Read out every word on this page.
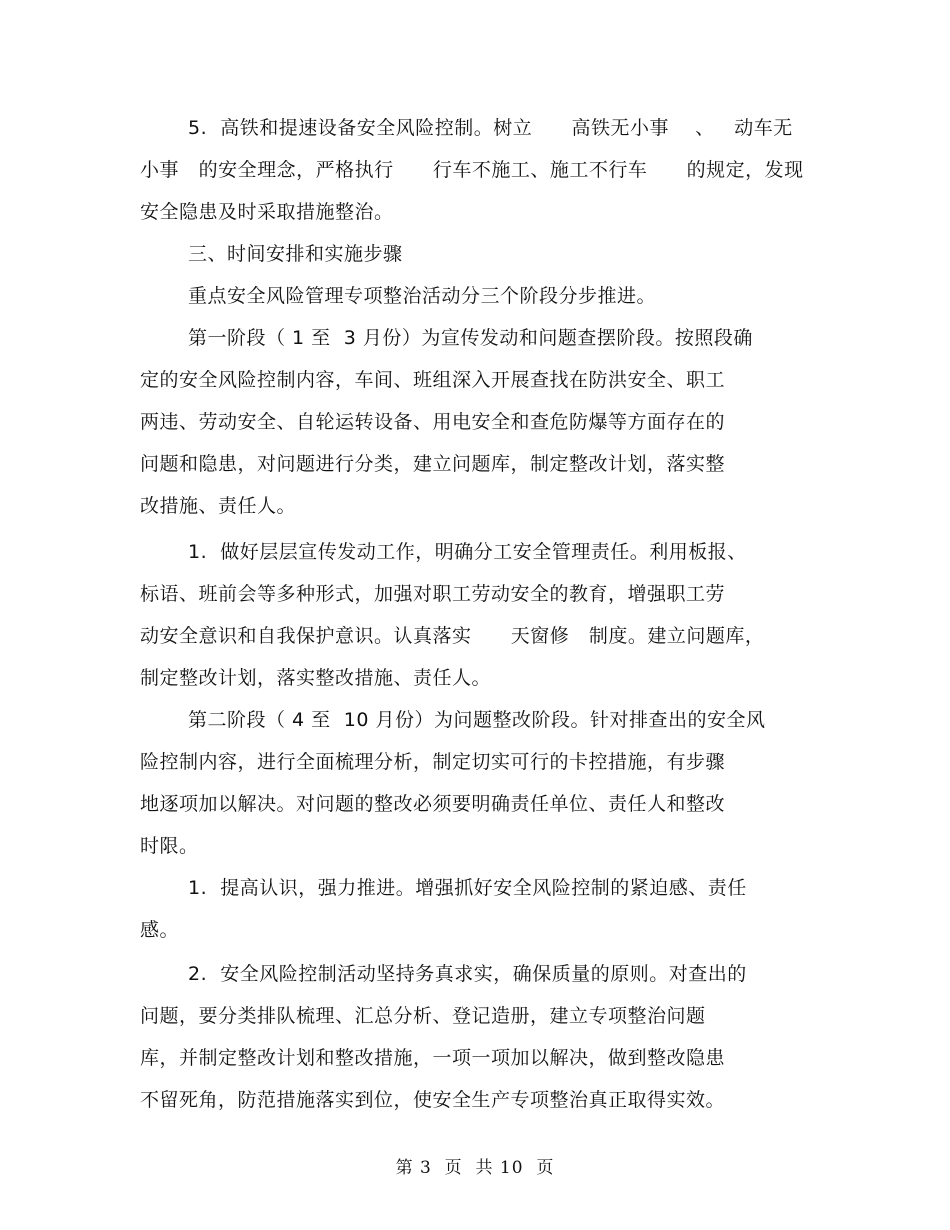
5.  高铁和提速设备安全风险控制。树立      高铁无小事    、   动车无
小事   的安全理念，严格执行      行车不施工、施工不行车      的规定，发现
安全隐患及时采取措施整治。
三、时间安排和实施步骤
重点安全风险管理专项整治活动分三个阶段分步推进。
第一阶段（ 1 至  3 月份）为宣传发动和问题查摆阶段。按照段确
定的安全风险控制内容，车间、班组深入开展查找在防洪安全、职工
两违、劳动安全、自轮运转设备、用电安全和查危防爆等方面存在的
问题和隐患，对问题进行分类，建立问题库，制定整改计划，落实整
改措施、责任人。
1.  做好层层宣传发动工作，明确分工安全管理责任。利用板报、
标语、班前会等多种形式，加强对职工劳动安全的教育，增强职工劳
动安全意识和自我保护意识。认真落实      天窗修   制度。建立问题库，
制定整改计划，落实整改措施、责任人。
第二阶段（ 4 至  10 月份）为问题整改阶段。针对排查出的安全风
险控制内容，进行全面梳理分析，制定切实可行的卡控措施，有步骤
地逐项加以解决。对问题的整改必须要明确责任单位、责任人和整改
时限。
1.  提高认识，强力推进。增强抓好安全风险控制的紧迫感、责任
感。
2.  安全风险控制活动坚持务真求实，确保质量的原则。对查出的
问题，要分类排队梳理、汇总分析、登记造册，建立专项整治问题
库，并制定整改计划和整改措施，一项一项加以解决，做到整改隐患
不留死角，防范措施落实到位，使安全生产专项整治真正取得实效。
第 3  页  共 10  页
